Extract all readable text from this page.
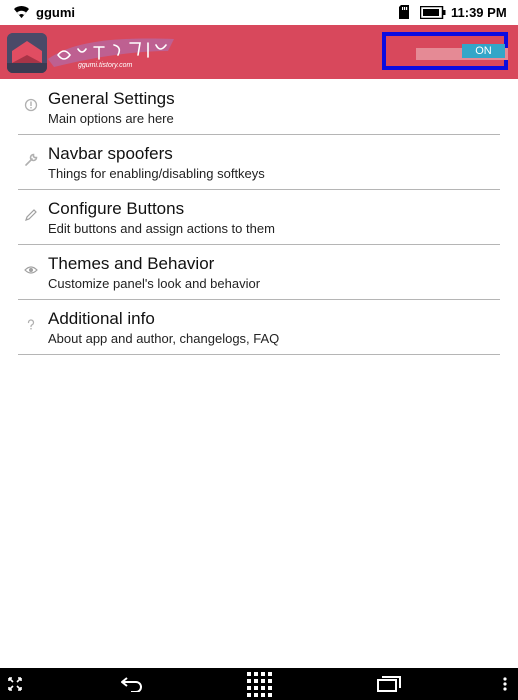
ggumi	11:39 PM
ggumi.tistory.com
ON
General Settings
Main options are here
Navbar spoofers
Things for enabling/disabling softkeys
Configure Buttons
Edit buttons and assign actions to them
Themes and Behavior
Customize panel's look and behavior
Additional info
About app and author, changelogs, FAQ
